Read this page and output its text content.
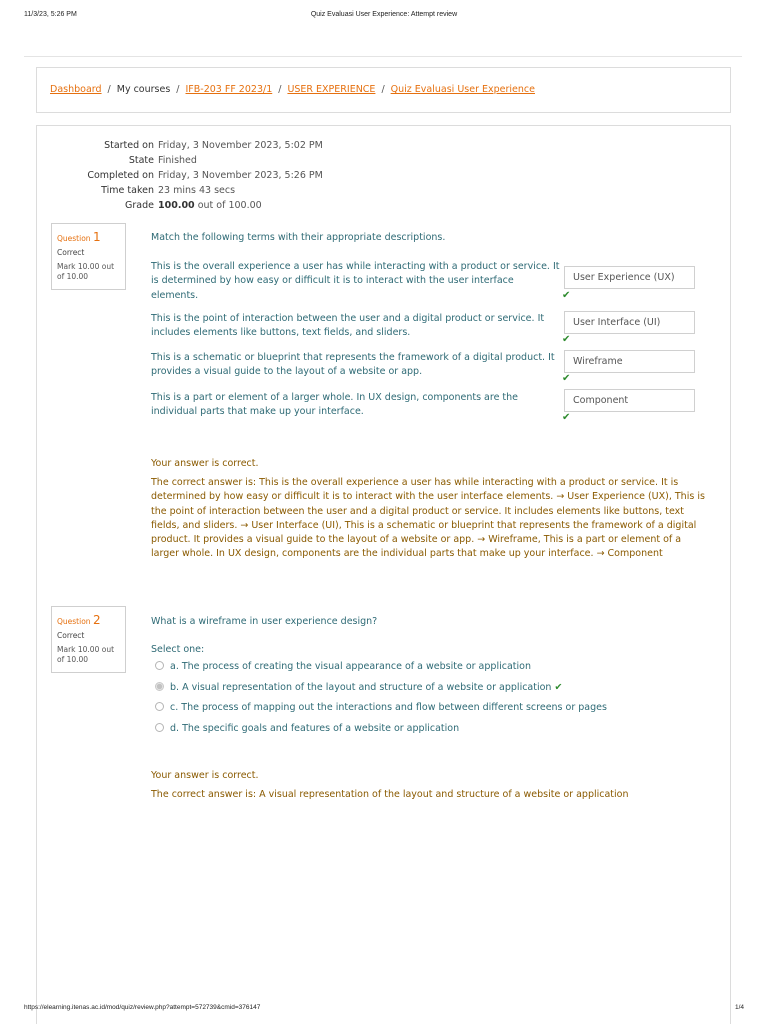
11/3/23, 5:26 PM	Quiz Evaluasi User Experience: Attempt review
Dashboard / My courses / IFB-203 FF 2023/1 / USER EXPERIENCE / Quiz Evaluasi User Experience
Started on Friday, 3 November 2023, 5:02 PM
State Finished
Completed on Friday, 3 November 2023, 5:26 PM
Time taken 23 mins 43 secs
Grade 100.00 out of 100.00
Question 1
Correct
Mark 10.00 out of 10.00
Match the following terms with their appropriate descriptions.
This is the overall experience a user has while interacting with a product or service. It is determined by how easy or difficult it is to interact with the user interface elements.
User Experience (UX)
✔
This is the point of interaction between the user and a digital product or service. It includes elements like buttons, text fields, and sliders.
User Interface (UI)
✔
This is a schematic or blueprint that represents the framework of a digital product. It provides a visual guide to the layout of a website or app.
Wireframe
✔
This is a part or element of a larger whole. In UX design, components are the individual parts that make up your interface.
Component
✔
Your answer is correct.
The correct answer is: This is the overall experience a user has while interacting with a product or service. It is determined by how easy or difficult it is to interact with the user interface elements. → User Experience (UX), This is the point of interaction between the user and a digital product or service. It includes elements like buttons, text fields, and sliders. → User Interface (UI), This is a schematic or blueprint that represents the framework of a digital product. It provides a visual guide to the layout of a website or app. → Wireframe, This is a part or element of a larger whole. In UX design, components are the individual parts that make up your interface. → Component
Question 2
Correct
Mark 10.00 out of 10.00
What is a wireframe in user experience design?
Select one:
a. The process of creating the visual appearance of a website or application
b. A visual representation of the layout and structure of a website or application ✔
c. The process of mapping out the interactions and flow between different screens or pages
d. The specific goals and features of a website or application
Your answer is correct.
The correct answer is: A visual representation of the layout and structure of a website or application
https://elearning.itenas.ac.id/mod/quiz/review.php?attempt=572739&cmid=376147	1/4
